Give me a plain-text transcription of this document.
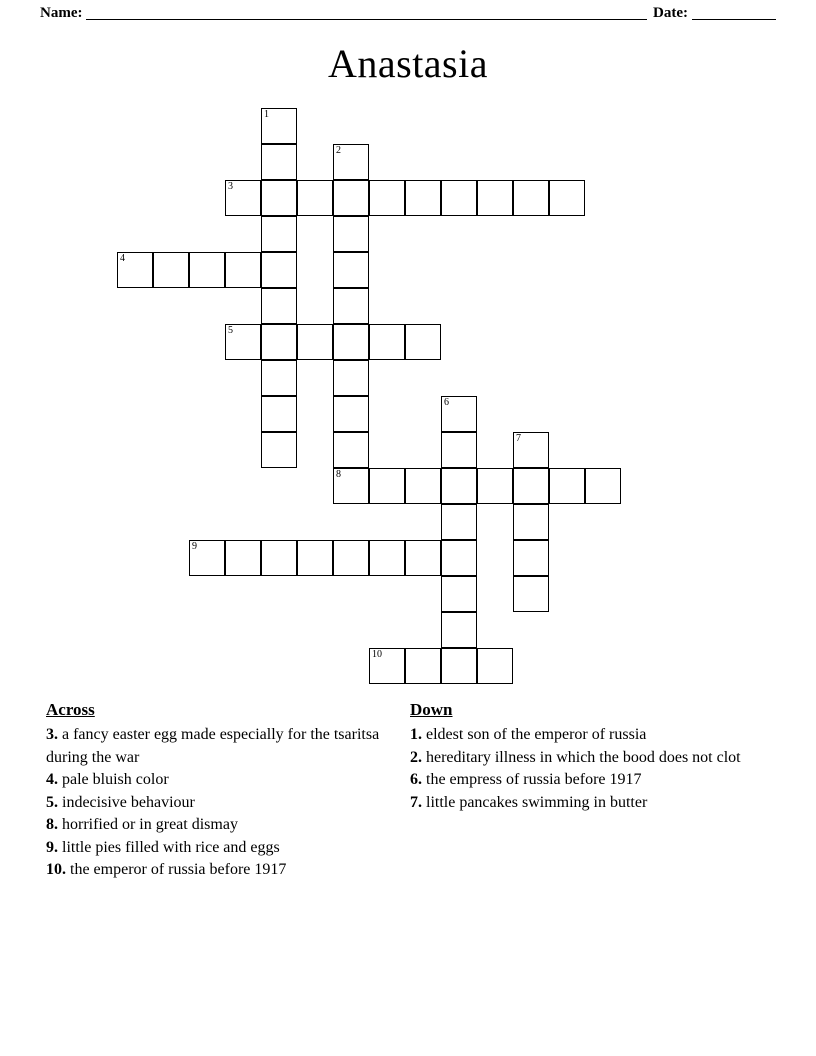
Name:	Date:
Anastasia
1
2
3
4
5
6
7
8
9
10
Across

3. a fancy easter egg made especially for the tsaritsa during the war

4. pale bluish color

5. indecisive behaviour

8. horrified or in great dismay

9. little pies filled with rice and eggs

10. the emperor of russia before 1917

Down

1. eldest son of the emperor of russia

2. hereditary illness in which the bood does not clot

6. the empress of russia before 1917

7. little pancakes swimming in butter
